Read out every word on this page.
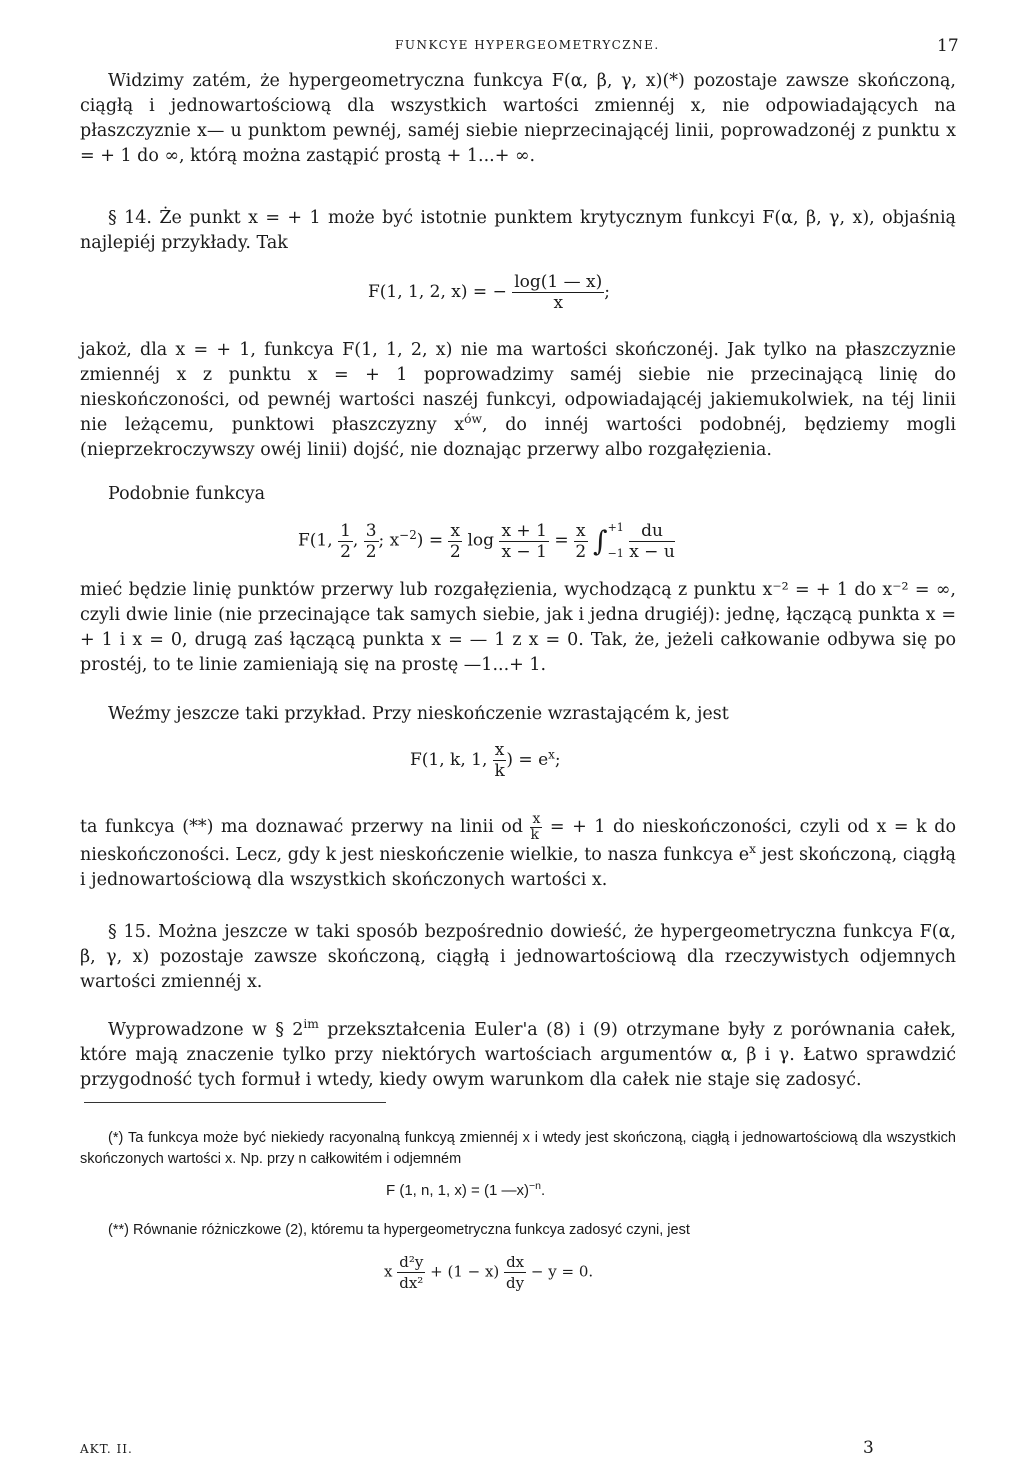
FUNKCYE HYPERGEOMETRYCZNE.	17

Widzimy zatém, że hypergeometryczna funkcya F(α, β, γ, x)(*) pozostaje zawsze skończoną, ciągłą i jednowartościową dla wszystkich wartości zmiennéj x, nie odpowiadających na płaszczyznie x— u punktom pewnéj, saméj siebie nieprzecinającéj linii, poprowadzonéj z punktu x = + 1 do ∞, którą można zastąpić prostą + 1...+ ∞.

§ 14. Że punkt x = + 1 może być istotnie punktem krytycznym funkcyi F(α, β, γ, x), objaśnią najlepiéj przykłady. Tak

F(1, 1, 2, x) = − $\frac{\log(1 — x)}{x}$ ;

jakoż, dla x = + 1, funkcya F(1, 1, 2, x) nie ma wartości skończonéj. Jak tylko na płaszczyznie zmiennéj x z punktu x = + 1 poprowadzimy saméj siebie nie przecinającą linię do nieskończoności, od pewnéj wartości naszéj funkcyi, odpowiadającéj jakiemukolwiek, na téj linii nie leżącemu, punktowi płaszczyzny $x^{ów}$, do innéj wartości podobnéj, będziemy mogli (nieprzekroczywszy owéj linii) dojść, nie doznając przerwy albo rozgałęzienia.

Podobnie funkcya

F(1, $\frac{1}{2}$ , $\frac{3}{2}$ ; $x^{-2}) = \frac{x}{2}$ $\log \frac{x + 1}{x - 1} = \frac{x}{2}$ ∫ +1
−1
$\frac{du}{x - u}$

mieć będzie linię punktów przerwy lub rozgałęzienia, wychodzącą z punktu x⁻² = + 1 do x⁻² = ∞, czyli dwie linie (nie przecinające tak samych siebie, jak i jedna drugiéj): jednę, łączącą punkta x = + 1 i x = 0, drugą zaś łączącą punkta x = — 1 z x = 0. Tak, że, jeżeli całkowanie odbywa się po prostéj, to te linie zamieniają się na prostę —1...+ 1.

Weźmy jeszcze taki przykład. Przy nieskończenie wzrastającém k, jest

F(1, k, 1, $\frac{x}{k}$ ) = $e^x$;

ta funkcya (**) ma doznawać przerwy na linii od $\frac{x}{k}$ = + 1 do nieskończoności, czyli od x = k do nieskończoności. Lecz, gdy k jest nieskończenie wielkie, to nasza funkcya $e^x$ jest skończoną, ciągłą i jednowartościową dla wszystkich skończonych wartości x.

§ 15. Można jeszcze w taki sposób bezpośrednio dowieść, że hypergeometryczna funkcya F(α, β, γ, x) pozostaje zawsze skończoną, ciągłą i jednowartościową dla rzeczywistych odjemnych wartości zmiennéj x.

Wyprowadzone w § $2^{im}$ przekształcenia Euler'a (8) i (9) otrzymane były z porównania całek, które mają znaczenie tylko przy niektórych wartościach argumentów α, β i γ. Łatwo sprawdzić przygodność tych formuł i wtedy, kiedy owym warunkom dla całek nie staje się zadosyć.

(*) Ta funkcya może być niekiedy racyonalną funkcyą zmiennéj x i wtedy jest skończoną, ciągłą i jednowartościową dla wszystkich skończonych wartości x. Np. przy n całkowitém i odjemném

F (1, n, 1, x) = (1 —x)$^{-n}$.

(**) Równanie różniczkowe (2), któremu ta hypergeometryczna funkcya zadosyć czyni, jest

x $\frac{\text{d²y}}{\text{dx²}} + (1 - x) \frac{dx}{dy} - y = 0$.
AKT. II.	3
